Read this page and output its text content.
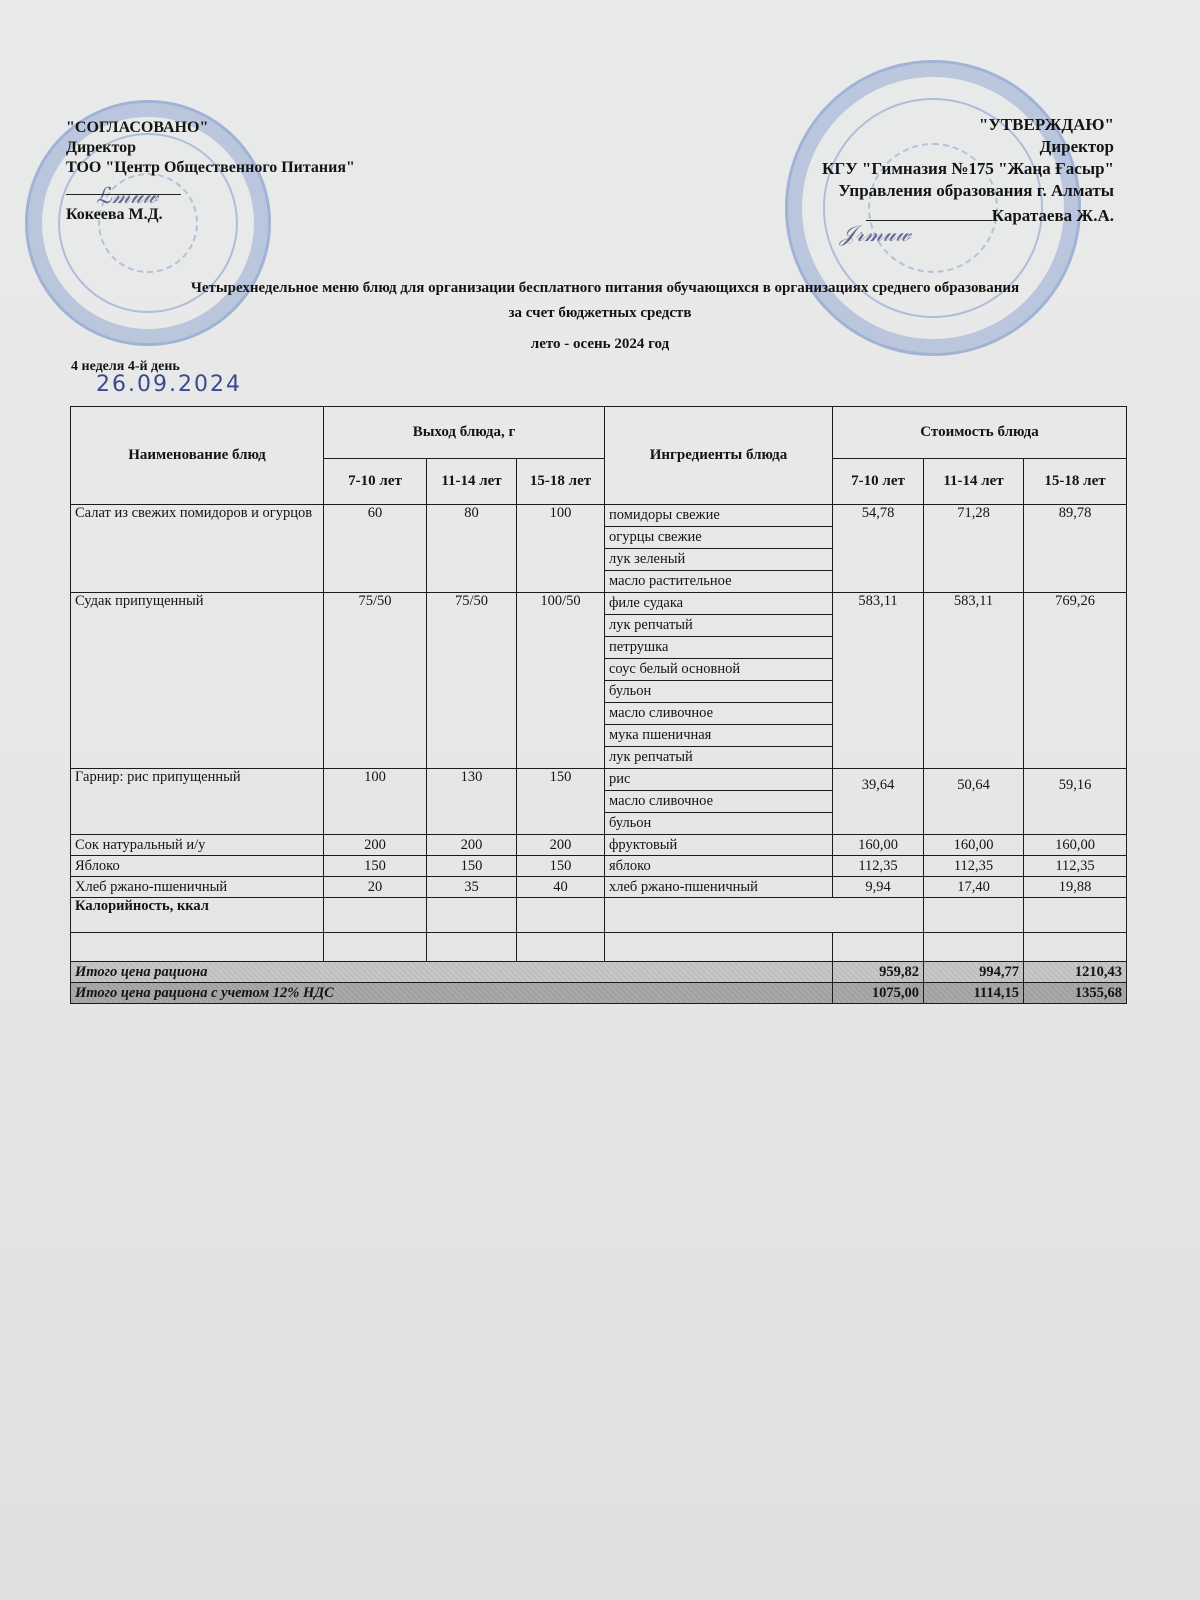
"СОГЛАСОВАНО"
Директор
ТОО "Центр Общественного Питания"
Кокеева М.Д.
ℒ𝓂𝓊𝓌
"УТВЕРЖДАЮ"
Директор
КГУ "Гимназия №175 "Жаңа Ғасыр"
Управления образования г. Алматы
Каратаева Ж.А.
𝒥𝓇𝓂𝓊𝓌
Четырехнедельное меню блюд для организации бесплатного питания обучающихся в организациях среднего образования
за счет бюджетных средств
лето - осень 2024 год
4 неделя 4-й день
26.09.2024
Наименование блюд	Выход блюда, г			Ингредиенты блюда	Стоимость блюда		
	7-10 лет	11-14 лет	15-18 лет		7-10 лет	11-14 лет	15-18 лет
Салат из свежих помидоров и огурцов	60	80	100	помидоры свежие	54,78	71,28	89,78
				огурцы свежие			
				лук зеленый			
				масло растительное			
Судак припущенный	75/50	75/50	100/50	филе судака	583,11	583,11	769,26
				лук репчатый			
				петрушка			
				соус белый основной			
				бульон			
				масло сливочное			
				мука пшеничная			
				лук репчатый			
Гарнир: рис припущенный	100	130	150	рис	39,64	50,64	59,16
				масло сливочное			
				бульон			
Сок натуральный и/у	200	200	200	фруктовый	160,00	160,00	160,00
Яблоко	150	150	150	яблоко	112,35	112,35	112,35
Хлеб ржано-пшеничный	20	35	40	хлеб ржано-пшеничный	9,94	17,40	19,88
Калорийность, ккал							

Итого цена рациона					959,82	994,77	1210,43
Итого цена рациона с учетом 12% НДС					1075,00	1114,15	1355,68
